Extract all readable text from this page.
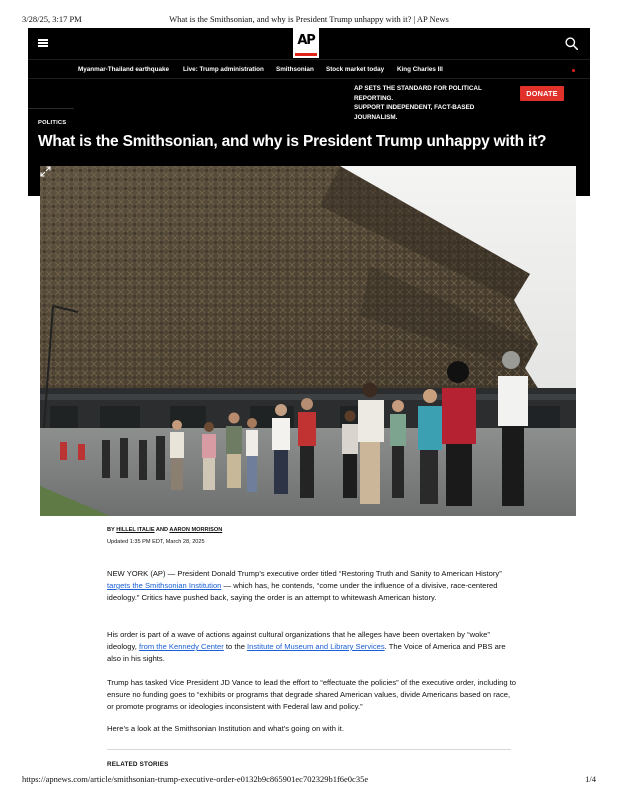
3/28/25, 3:17 PM	What is the Smithsonian, and why is President Trump unhappy with it? | AP News
AP
Myanmar-Thailand earthquake Live: Trump administration Smithsonian Stock market today King Charles III
AP SETS THE STANDARD FOR POLITICAL REPORTING.
SUPPORT INDEPENDENT, FACT-BASED JOURNALISM.
DONATE
POLITICS
What is the Smithsonian, and why is President Trump unhappy with it?
BY HILLEL ITALIE AND AARON MORRISON
Updated 1:35 PM EDT, March 28, 2025

NEW YORK (AP) — President Donald Trump’s executive order titled “Restoring Truth and Sanity to American History” targets the Smithsonian Institution — which has, he contends, “come under the influence of a divisive, race-centered ideology.” Critics have pushed back, saying the order is an attempt to whitewash American history.

His order is part of a wave of actions against cultural organizations that he alleges have been overtaken by “woke” ideology, from the Kennedy Center to the Institute of Museum and Library Services. The Voice of America and PBS are also in his sights.

Trump has tasked Vice President JD Vance to lead the effort to “effectuate the policies” of the executive order, including to ensure no funding goes to “exhibits or programs that degrade shared American values, divide Americans based on race, or promote programs or ideologies inconsistent with Federal law and policy.”

Here’s a look at the Smithsonian Institution and what’s going on with it.

RELATED STORIES
https://apnews.com/article/smithsonian-trump-executive-order-e0132b9c865901ec702329b1f6e0c35e	1/4
